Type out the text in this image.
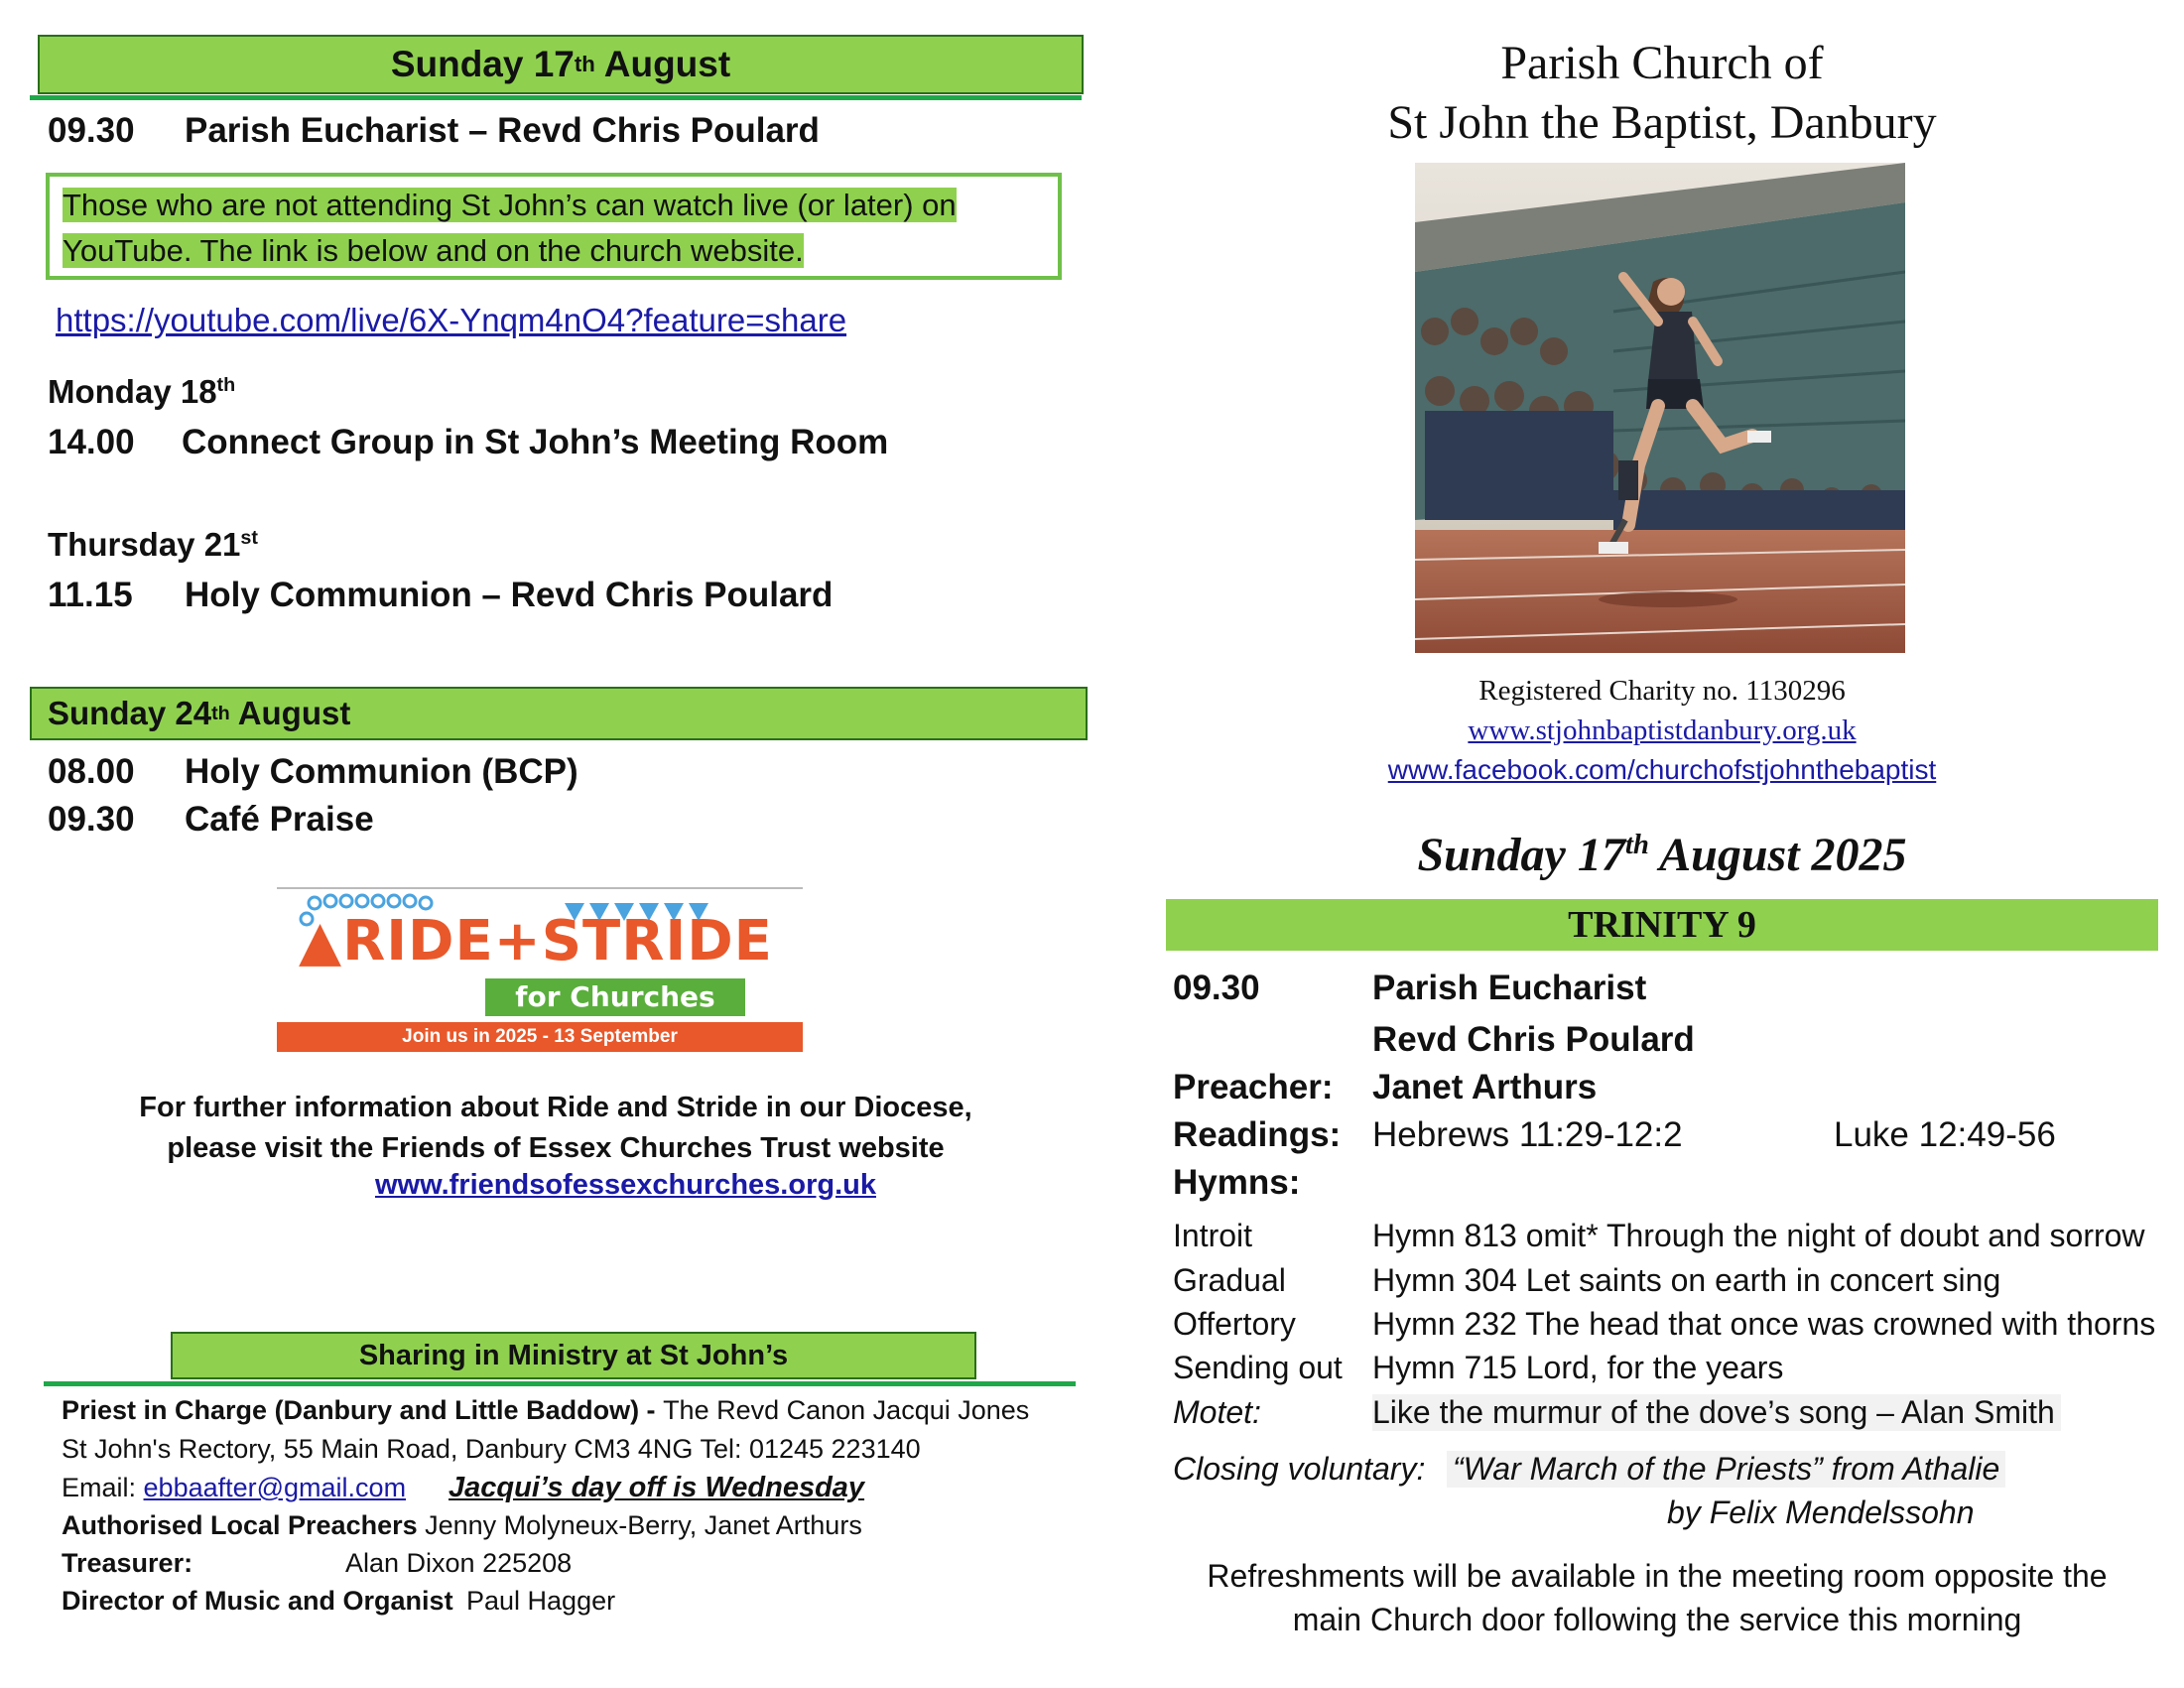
Sunday 17 th August
09.30 Parish Eucharist – Revd Chris Poulard
Those who are not attending St John’s can watch live (or later) on YouTube. The link is below and on the church website.
https://youtube.com/live/6X-Ynqm4nO4?feature=share
Monday 18th
14.00 Connect Group in St John’s Meeting Room
Thursday 21st
11.15 Holy Communion – Revd Chris Poulard
Sunday 24 th August
08.00 Holy Communion (BCP)
09.30 Café Praise
▲RIDE+STRIDE
for Churches
Join us in 2025 - 13 September
For further information about Ride and Stride in our Diocese,
please visit the Friends of Essex Churches Trust website
www.friendsofessexchurches.org.uk
Sharing in Ministry at St John’s
Priest in Charge (Danbury and Little Baddow) - The Revd Canon Jacqui Jones
St John's Rectory, 55 Main Road, Danbury CM3 4NG Tel: 01245 223140
Email: ebbaafter@gmail.com Jacqui’s day off is Wednesday
Authorised Local Preachers Jenny Molyneux-Berry, Janet Arthurs
Treasurer:	Alan Dixon 225208
Director of Music and Organist Paul Hagger
Parish Church of
St John the Baptist, Danbury
Registered Charity no. 1130296
www.stjohnbaptistdanbury.org.uk
www.facebook.com/churchofstjohnthebaptist
Sunday 17th August 2025
TRINITY 9
09.30	Parish Eucharist
Revd Chris Poulard
Preacher: Janet Arthurs
Readings: Hebrews 11:29-12:2	Luke 12:49-56
Hymns:
Introit	Hymn 813 omit* Through the night of doubt and sorrow
Gradual	Hymn 304 Let saints on earth in concert sing
Offertory Hymn 232 The head that once was crowned with thorns
Sending out Hymn 715 Lord, for the years
Motet:	Like the murmur of the dove’s song – Alan Smith
Closing voluntary: “War March of the Priests” from Athalie
by Felix Mendelssohn
Refreshments will be available in the meeting room opposite the
main Church door following the service this morning
